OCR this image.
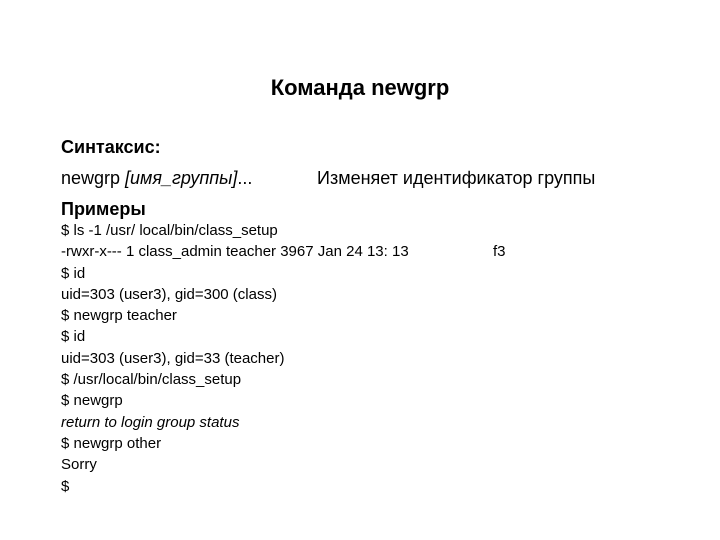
Команда newgrp
Синтаксис:
newgrp [имя_группы]...	Изменяет идентификатор группы
Примеры
$ ls -1 /usr/ local/bin/class_setup
-rwxr-x--- 1 class_admin teacher 3967 Jan 24 13: 13	f3
$ id
uid=303 (user3), gid=300 (class)
$ newgrp teacher
$ id
uid=303 (user3), gid=33 (teacher)
$ /usr/local/bin/class_setup
$ newgrp
return to login group status
$ newgrp other
Sorry
$
